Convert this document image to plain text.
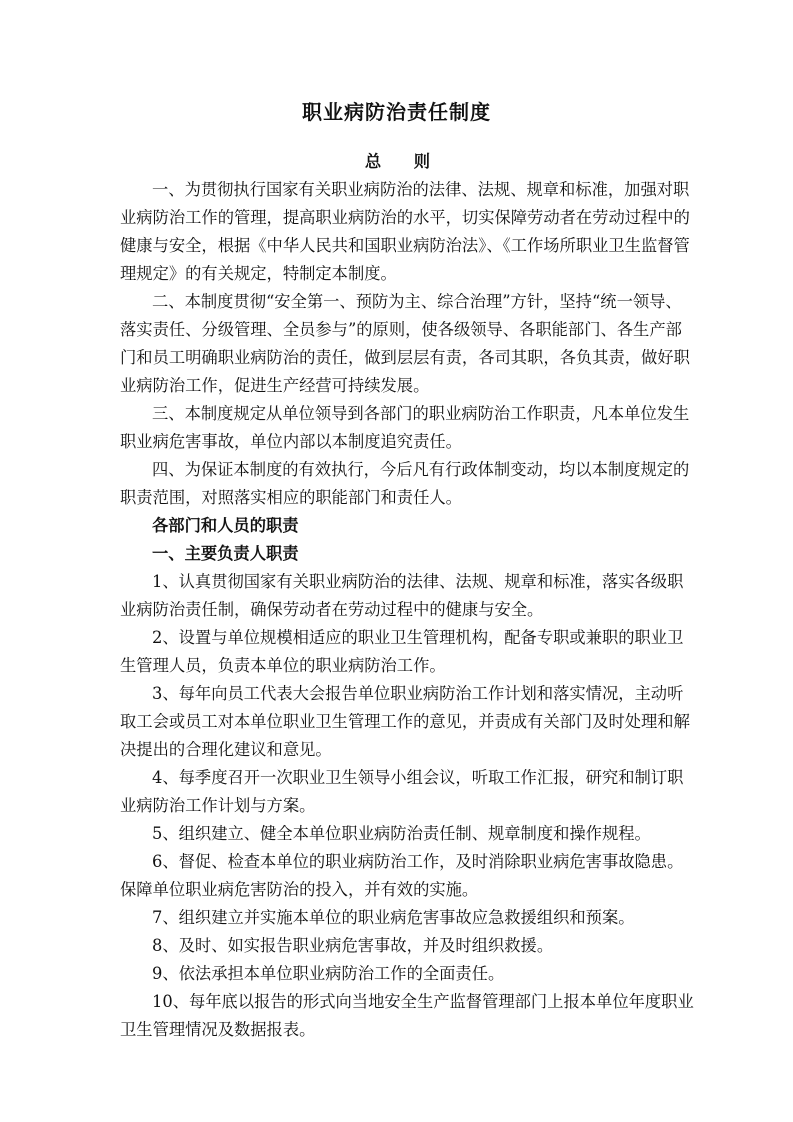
职业病防治责任制度
总　　则
一、为贯彻执行国家有关职业病防治的法律、法规、规章和标准，加强对职
业病防治工作的管理，提高职业病防治的水平，切实保障劳动者在劳动过程中的
健康与安全，根据《中华人民共和国职业病防治法》、《工作场所职业卫生监督管
理规定》的有关规定，特制定本制度。
二、本制度贯彻“安全第一、预防为主、综合治理”方针，坚持“统一领导、
落实责任、分级管理、全员参与”的原则，使各级领导、各职能部门、各生产部
门和员工明确职业病防治的责任，做到层层有责，各司其职，各负其责，做好职
业病防治工作，促进生产经营可持续发展。
三、本制度规定从单位领导到各部门的职业病防治工作职责，凡本单位发生
职业病危害事故，单位内部以本制度追究责任。
四、为保证本制度的有效执行，今后凡有行政体制变动，均以本制度规定的
职责范围，对照落实相应的职能部门和责任人。
各部门和人员的职责
一、主要负责人职责
1、认真贯彻国家有关职业病防治的法律、法规、规章和标准，落实各级职
业病防治责任制，确保劳动者在劳动过程中的健康与安全。
2、设置与单位规模相适应的职业卫生管理机构，配备专职或兼职的职业卫
生管理人员，负责本单位的职业病防治工作。
3、每年向员工代表大会报告单位职业病防治工作计划和落实情况，主动听
取工会或员工对本单位职业卫生管理工作的意见，并责成有关部门及时处理和解
决提出的合理化建议和意见。
4、每季度召开一次职业卫生领导小组会议，听取工作汇报，研究和制订职
业病防治工作计划与方案。
5、组织建立、健全本单位职业病防治责任制、规章制度和操作规程。
6、督促、检查本单位的职业病防治工作，及时消除职业病危害事故隐患。
保障单位职业病危害防治的投入，并有效的实施。
7、组织建立并实施本单位的职业病危害事故应急救援组织和预案。
8、及时、如实报告职业病危害事故，并及时组织救援。
9、依法承担本单位职业病防治工作的全面责任。
10、每年底以报告的形式向当地安全生产监督管理部门上报本单位年度职业
卫生管理情况及数据报表。
